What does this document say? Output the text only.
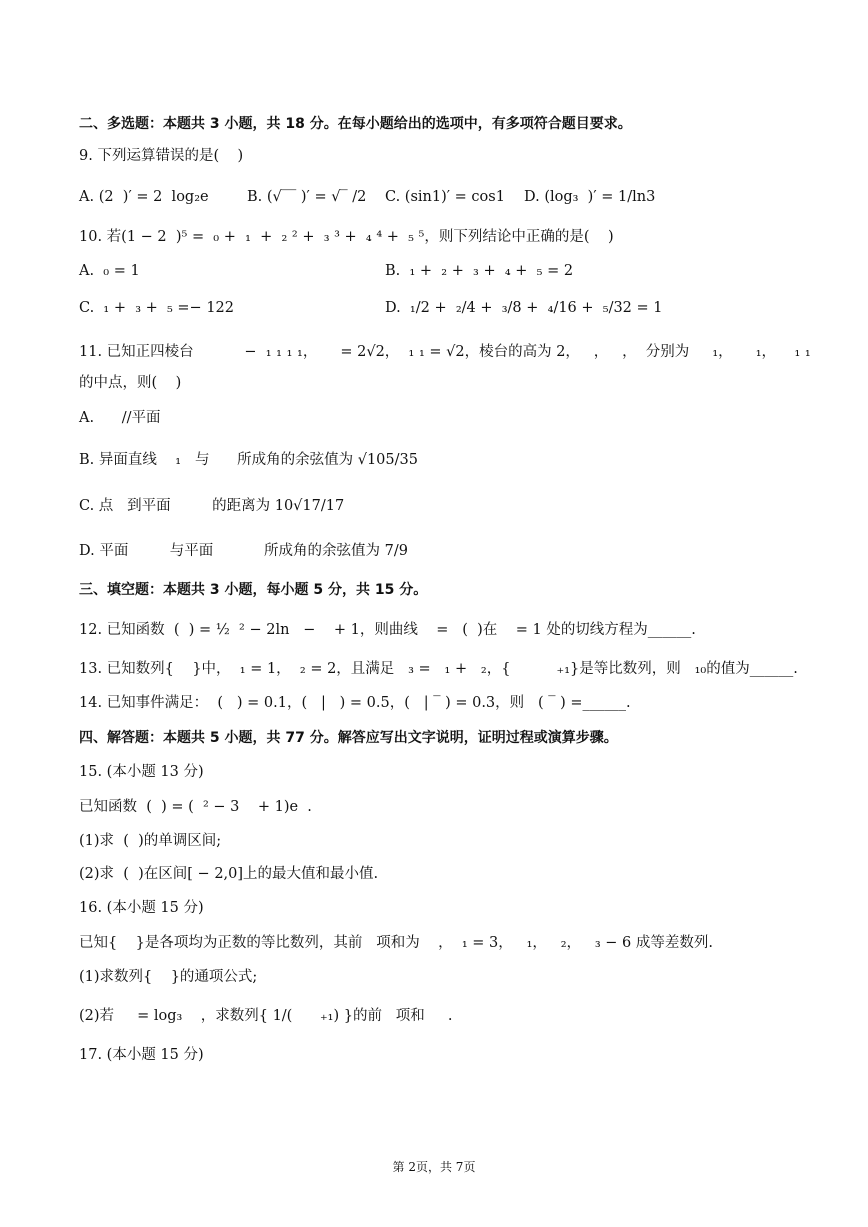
二、多选题：本题共 3 小题，共 18 分。在每小题给出的选项中，有多项符合题目要求。
9. 下列运算错误的是(    )
A. (2  )′ = 2  log₂e	B. (√‾‾ )′ = √‾ /2 C. (sin1)′ = cos1 D. (log₃  )′ = 1/ln3
10. 若(1 − 2  )⁵ =  ₀ +  ₁  +  ₂ ² +  ₃ ³ +  ₄ ⁴ +  ₅ ⁵，则下列结论中正确的是(    )
A.  ₀ = 1	B.  ₁ +  ₂ +  ₃ +  ₄ +  ₅ = 2
C.  ₁ +  ₃ +  ₅ =− 122	D.  ₁/2 +  ₂/4 +  ₃/8 +  ₄/16 +  ₅/32 = 1
11. 已知正四棱台           −  ₁ ₁ ₁ ₁，     = 2√2，  ₁ ₁ = √2，棱台的高为 2，   ，   ，  分别为     ₁，     ₁，    ₁ ₁
的中点，则(    )
A.      //平面
B. 异面直线    ₁   与      所成角的余弦值为 √105/35
C. 点   到平面         的距离为 10√17/17
D. 平面         与平面           所成角的余弦值为 7/9
三、填空题：本题共 3 小题，每小题 5 分，共 15 分。
12. 已知函数  (  ) = ½  ² − 2ln   −    + 1，则曲线    =   (  )在    = 1 处的切线方程为______.
13. 已知数列{    }中，  ₁ = 1，  ₂ = 2，且满足   ₃ =   ₁ +   ₂，{          ₊₁}是等比数列，则   ₁₀的值为______.
14. 已知事件满足：  (   ) = 0.1，(   |   ) = 0.5，(   | ‾ ) = 0.3，则   ( ‾ ) =______.
四、解答题：本题共 5 小题，共 77 分。解答应写出文字说明，证明过程或演算步骤。
15. (本小题 13 分)
已知函数  (  ) = (  ² − 3    + 1)e  .
(1)求  (  )的单调区间;
(2)求  (  )在区间[ − 2,0]上的最大值和最小值.
16. (本小题 15 分)
已知{    }是各项均为正数的等比数列，其前   项和为    ，  ₁ = 3，   ₁，   ₂，   ₃ − 6 成等差数列.
(1)求数列{    }的通项公式;
(2)若     = log₃    ，求数列{ 1/(      ₊₁) }的前   项和     .
17. (本小题 15 分)
第 2页，共 7页
